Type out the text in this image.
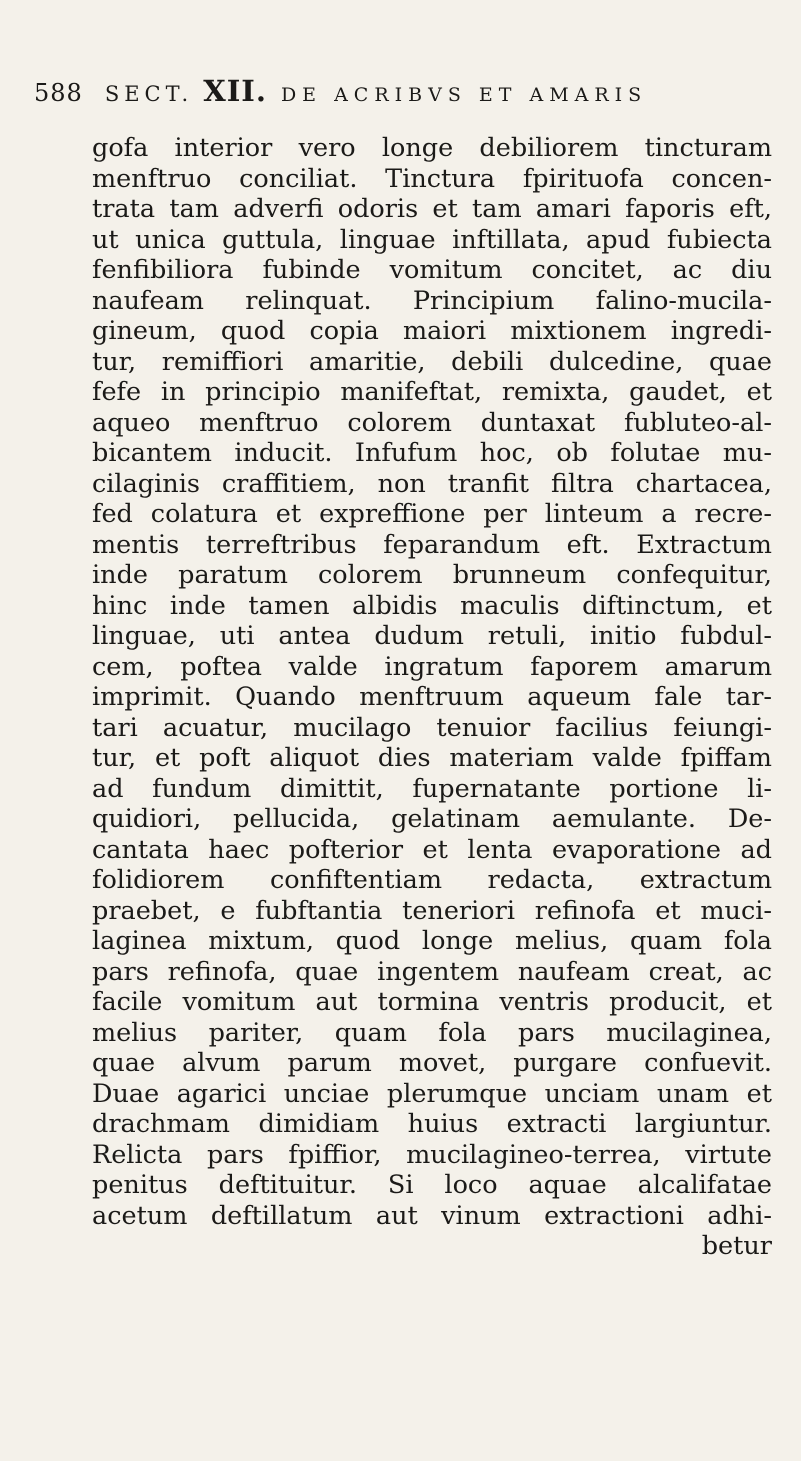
588 SECT. XII. DE ACRIBVS ET AMARIS
gofa interior vero longe debiliorem tincturam
menftruo conciliat. Tinctura fpirituofa concen-
trata tam adverfi odoris et tam amari faporis eft,
ut unica guttula, linguae inftillata, apud fubiecta
fenfibiliora fubinde vomitum concitet, ac diu
naufeam relinquat. Principium falino-mucila-
gineum, quod copia maiori mixtionem ingredi-
tur, remiffiori amaritie, debili dulcedine, quae
fefe in principio manifeftat, remixta, gaudet, et
aqueo menftruo colorem duntaxat fubluteo-al-
bicantem inducit. Infufum hoc, ob folutae mu-
cilaginis craffitiem, non tranfit filtra chartacea,
fed colatura et expreffione per linteum a recre-
mentis terreftribus feparandum eft. Extractum
inde paratum colorem brunneum confequitur,
hinc inde tamen albidis maculis diftinctum, et
linguae, uti antea dudum retuli, initio fubdul-
cem, poftea valde ingratum faporem amarum
imprimit. Quando menftruum aqueum fale tar-
tari acuatur, mucilago tenuior facilius feiungi-
tur, et poft aliquot dies materiam valde fpiffam
ad fundum dimittit, fupernatante portione li-
quidiori, pellucida, gelatinam aemulante. De-
cantata haec pofterior et lenta evaporatione ad
folidiorem confiftentiam redacta, extractum
praebet, e fubftantia teneriori refinofa et muci-
laginea mixtum, quod longe melius, quam fola
pars refinofa, quae ingentem naufeam creat, ac
facile vomitum aut tormina ventris producit, et
melius pariter, quam fola pars mucilaginea,
quae alvum parum movet, purgare confuevit.
Duae agarici unciae plerumque unciam unam et
drachmam dimidiam huius extracti largiuntur.
Relicta pars fpiffior, mucilagineo-terrea, virtute
penitus deftituitur. Si loco aquae alcalifatae
acetum deftillatum aut vinum extractioni adhi-
betur
